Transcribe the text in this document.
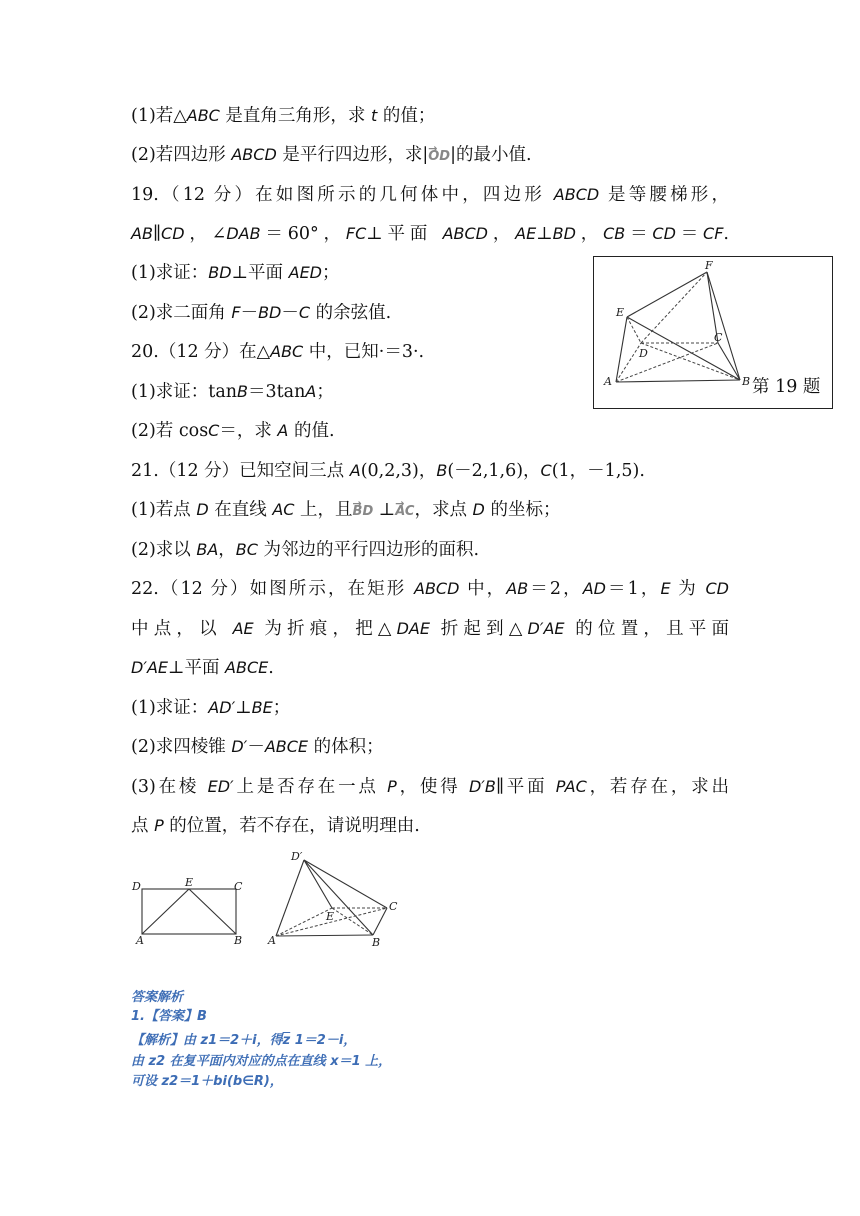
(1)若△ABC 是直角三角形，求 t 的值；
(2)若四边形 ABCD 是平行四边形，求|→ OD|的最小值.
19.（12 分）在如图所示的几何体中，四边形 ABCD 是等腰梯形，
AB∥CD，∠DAB＝60°，FC⊥平面 ABCD，AE⊥BD，CB＝CD＝CF.
(1)求证：BD⊥平面 AED；
(2)求二面角 F－BD－C 的余弦值.
F
E
D
C
A	B 第 19 题
20.（12 分）在△ABC 中，已知·＝3·.
(1)求证：tanB＝3tanA；
(2)若 cosC＝，求 A 的值.
21.（12 分）已知空间三点 A(0,2,3)，B(－2,1,6)，C(1，－1,5).
(1)若点 D 在直线 AC 上，且→ BD ⊥→ AC，求点 D 的坐标；
(2)求以 BA，BC 为邻边的平行四边形的面积.
22.（12 分）如图所示，在矩形 ABCD 中，AB＝2，AD＝1，E 为 CD
中点，以 AE 为折痕，把△DAE 折起到△D′AE 的位置，且平面
D′AE⊥平面 ABCE.
(1)求证：AD′⊥BE；
(2)求四棱锥 D′－ABCE 的体积；
(3)在棱 ED′上是否存在一点 P，使得 D′B∥平面 PAC，若存在，求出
点 P 的位置，若不存在，请说明理由.
D	E	C
A	B
D′
E
C
A	B
答案解析
1.【答案】B
【解析】由 z1＝2＋i，得$\overline{z}$ 1＝2－i，
由 z2 在复平面内对应的点在直线 x＝1 上，
可设 z2＝1＋bi(b∈R)，
